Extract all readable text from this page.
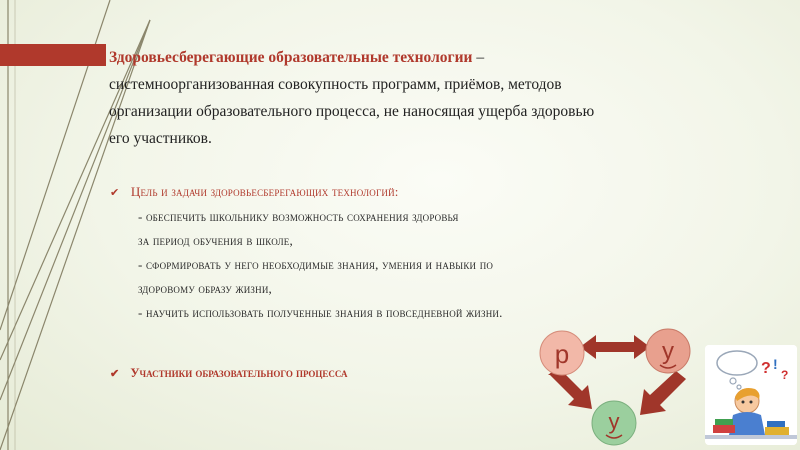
Здоровьесберегающие образовательные технологии –
системноорганизованная совокупность программ, приёмов, методов
организации образовательного процесса, не наносящая ущерба здоровью
его участников.
✔ Цель и задачи здоровьесберегающих технологий:
- обеспечить школьнику возможность сохранения здоровья
за период обучения в школе,
- сформировать у него необходимые знания, умения и навыки по
здоровому образу жизни,
- научить использовать полученные знания в повседневной жизни.
✔ Участники образовательного процесса
р	у
у
? !
?
